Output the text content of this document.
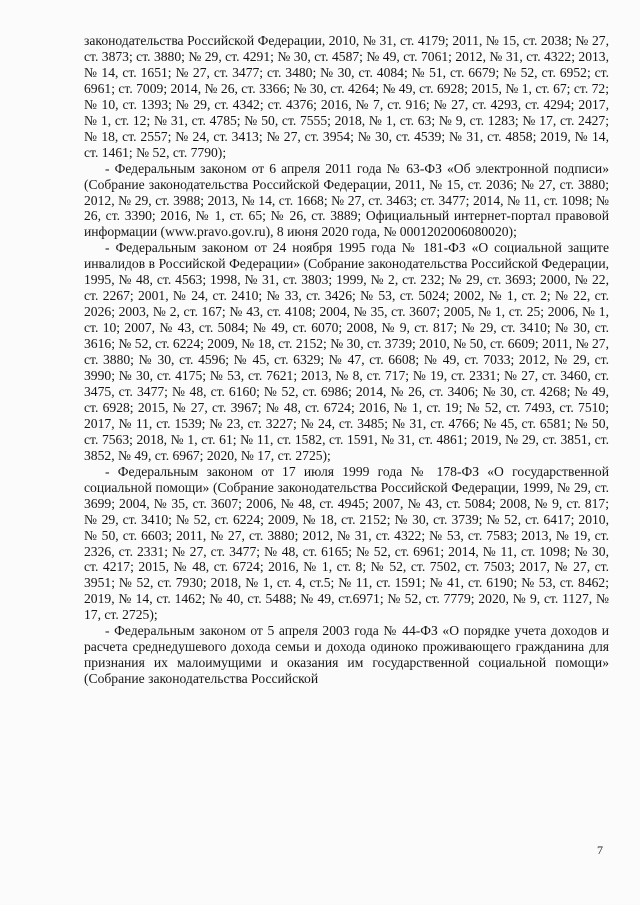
законодательства Российской Федерации, 2010, № 31, ст. 4179; 2011, № 15, ст. 2038; № 27, ст. 3873; ст. 3880; № 29, ст. 4291; № 30, ст. 4587; № 49, ст. 7061; 2012, № 31, ст. 4322; 2013, № 14, ст. 1651; № 27, ст. 3477; ст. 3480; № 30, ст. 4084; № 51, ст. 6679; № 52, ст. 6952; ст. 6961; ст. 7009; 2014, № 26, ст. 3366; № 30, ст. 4264; № 49, ст. 6928; 2015, № 1, ст. 67; ст. 72; № 10, ст. 1393; № 29, ст. 4342; ст. 4376; 2016, № 7, ст. 916; № 27, ст. 4293, ст. 4294; 2017, № 1, ст. 12; № 31, ст. 4785; № 50, ст. 7555; 2018, № 1, ст. 63; № 9, ст. 1283; № 17, ст. 2427; № 18, ст. 2557; № 24, ст. 3413; № 27, ст. 3954; № 30, ст. 4539; № 31, ст. 4858; 2019, № 14, ст. 1461; № 52, ст. 7790);

- Федеральным законом от 6 апреля 2011 года № 63-ФЗ «Об электронной подписи» (Собрание законодательства Российской Федерации, 2011, № 15, ст. 2036; № 27, ст. 3880; 2012, № 29, ст. 3988; 2013, № 14, ст. 1668; № 27, ст. 3463; ст. 3477; 2014, № 11, ст. 1098; № 26, ст. 3390; 2016, № 1, ст. 65; № 26, ст. 3889; Официальный интернет-портал правовой информации (www.pravo.gov.ru), 8 июня 2020 года, № 0001202006080020);

- Федеральным законом от 24 ноября 1995 года № 181-ФЗ «О социальной защите инвалидов в Российской Федерации» (Собрание законодательства Российской Федерации, 1995, № 48, ст. 4563; 1998, № 31, ст. 3803; 1999, № 2, ст. 232; № 29, ст. 3693; 2000, № 22, ст. 2267; 2001, № 24, ст. 2410; № 33, ст. 3426; № 53, ст. 5024; 2002, № 1, ст. 2; № 22, ст. 2026; 2003, № 2, ст. 167; № 43, ст. 4108; 2004, № 35, ст. 3607; 2005, № 1, ст. 25; 2006, № 1, ст. 10; 2007, № 43, ст. 5084; № 49, ст. 6070; 2008, № 9, ст. 817; № 29, ст. 3410; № 30, ст. 3616; № 52, ст. 6224; 2009, № 18, ст. 2152; № 30, ст. 3739; 2010, № 50, ст. 6609; 2011, № 27, ст. 3880; № 30, ст. 4596; № 45, ст. 6329; № 47, ст. 6608; № 49, ст. 7033; 2012, № 29, ст. 3990; № 30, ст. 4175; № 53, ст. 7621; 2013, № 8, ст. 717; № 19, ст. 2331; № 27, ст. 3460, ст. 3475, ст. 3477; № 48, ст. 6160; № 52, ст. 6986; 2014, № 26, ст. 3406; № 30, ст. 4268; № 49, ст. 6928; 2015, № 27, ст. 3967; № 48, ст. 6724; 2016, № 1, ст. 19; № 52, ст. 7493, ст. 7510; 2017, № 11, ст. 1539; № 23, ст. 3227; № 24, ст. 3485; № 31, ст. 4766; № 45, ст. 6581; № 50, ст. 7563; 2018, № 1, ст. 61; № 11, ст. 1582, ст. 1591, № 31, ст. 4861; 2019, № 29, ст. 3851, ст. 3852, № 49, ст. 6967; 2020, № 17, ст. 2725);

- Федеральным законом от 17 июля 1999 года № 178-ФЗ «О государственной социальной помощи» (Собрание законодательства Российской Федерации, 1999, № 29, ст. 3699; 2004, № 35, ст. 3607; 2006, № 48, ст. 4945; 2007, № 43, ст. 5084; 2008, № 9, ст. 817; № 29, ст. 3410; № 52, ст. 6224; 2009, № 18, ст. 2152; № 30, ст. 3739; № 52, ст. 6417; 2010, № 50, ст. 6603; 2011, № 27, ст. 3880; 2012, № 31, ст. 4322; № 53, ст. 7583; 2013, № 19, ст. 2326, ст. 2331; № 27, ст. 3477; № 48, ст. 6165; № 52, ст. 6961; 2014, № 11, ст. 1098; № 30, ст. 4217; 2015, № 48, ст. 6724; 2016, № 1, ст. 8; № 52, ст. 7502, ст. 7503; 2017, № 27, ст. 3951; № 52, ст. 7930; 2018, № 1, ст. 4, ст.5; № 11, ст. 1591; № 41, ст. 6190; № 53, ст. 8462; 2019, № 14, ст. 1462; № 40, ст. 5488; № 49, ст.6971; № 52, ст. 7779; 2020, № 9, ст. 1127, № 17, ст. 2725);

- Федеральным законом от 5 апреля 2003 года № 44-ФЗ «О порядке учета доходов и расчета среднедушевого дохода семьи и дохода одиноко проживающего гражданина для признания их малоимущими и оказания им государственной социальной помощи» (Собрание законодательства Российской

7
